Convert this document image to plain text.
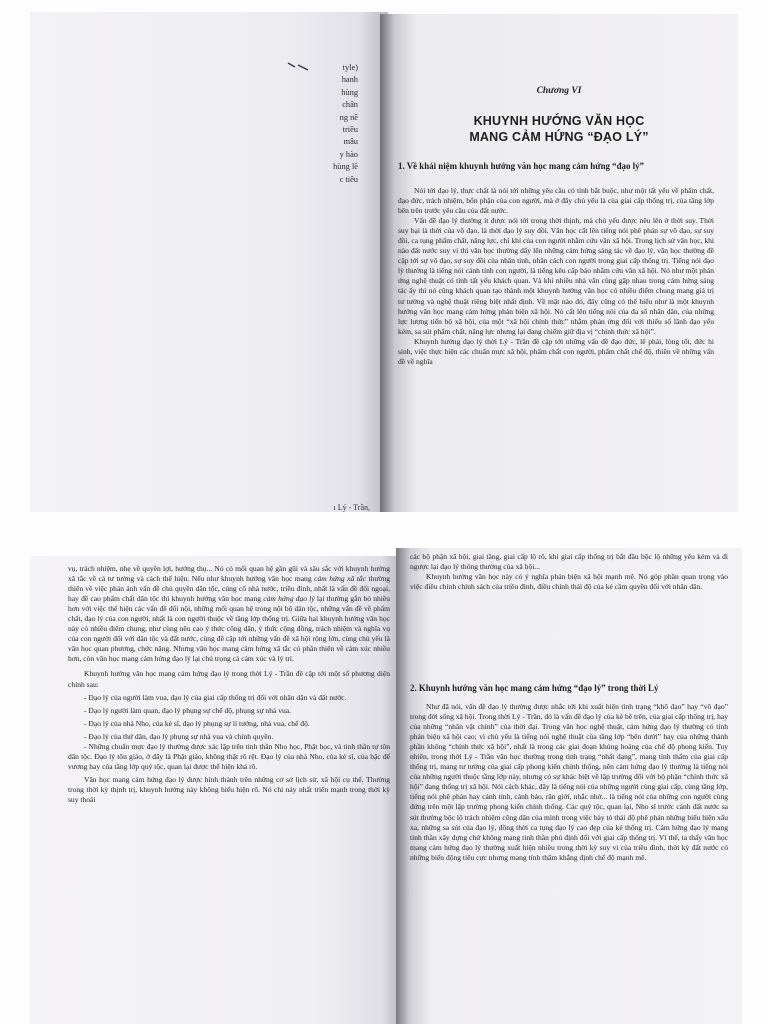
tyle)
hanh
hùng
chân
ng nề
triều
mâu
y hào
hùng lẽ
c tiêu
ı Lý - Trần,
Chương VI
KHUYNH HƯỚNG VĂN HỌC
MANG CẢM HỨNG “ĐẠO LÝ”
1. Về khái niệm khuynh hướng văn học mang cảm hứng “đạo lý”

Nói tới đạo lý, thực chất là nói tới những yêu cầu có tính bắt buộc, như một tất yếu về phẩm chất, đạo đức, trách nhiệm, bổn phận của con người, mà ở đây chủ yếu là của giai cấp thống trị, của tầng lớp bên trên trước yêu cầu của đất nước.

Vấn đề đạo lý thường ít được nói tới trong thời thịnh, mà chủ yếu được nêu lên ở thời suy. Thời suy bại là thời của vô đạo, là thời đạo lý suy đồi. Văn học cất lên tiếng nói phê phán sự vô đạo, sự suy đồi, ca tụng phẩm chất, năng lực, chí khí của con người nhằm cứu vãn xã hội. Trong lịch sử văn học, khi nào đất nước suy vi thì văn học thường dấy lên những cảm hứng sáng tác về đạo lý, văn học thường đề cập tới sự vô đạo, sự suy đồi của nhân tính, nhân cách con người trong giai cấp thống trị. Tiếng nói đạo lý thường là tiếng nói cảnh tỉnh con người, là tiếng kêu cấp báo nhằm cứu vãn xã hội. Nó như một phản ứng nghệ thuật có tính tất yếu khách quan. Và khi nhiều nhà văn cùng gặp nhau trong cảm hứng sáng tác ấy thì nó cũng khách quan tạo thành một khuynh hướng văn học có nhiều điểm chung mang giá trị tư tưởng và nghệ thuật riêng biệt nhất định. Về mặt nào đó, đây cũng có thể hiểu như là một khuynh hướng văn học mang cảm hứng phản biện xã hội. Nó cất lên tiếng nói của đa số nhân dân, của những lực lượng tiến bộ xã hội, của một “xã hội chính thức” nhằm phản ứng đối với thiểu số lãnh đạo yếu kém, sa sút phẩm chất, năng lực nhưng lại đang chiếm giữ địa vị “chính thức xã hội”.

Khuynh hướng đạo lý thời Lý - Trần đề cập tới những vấn đề đạo đức, lẽ phải, lòng tốt, đức hi sinh, việc thực hiện các chuẩn mực xã hội, phẩm chất con người, phẩm chất chế độ, thiên về những vấn đề về nghĩa

vụ, trách nhiệm, nhẹ về quyền lợi, hưởng thụ... Nó có mối quan hệ gần gũi và sâu sắc với khuynh hướng xã tắc về cả tư tưởng và cách thể hiện. Nếu như khuynh hướng văn học mang cảm hứng xã tắc thường thiên về việc phản ánh vấn đề chủ quyền dân tộc, củng cố nhà nước, triều đình, nhất là vấn đề đối ngoại, hay đề cao phẩm chất dân tộc thì khuynh hướng văn học mang cảm hứng đạo lý lại thường gắn bó nhiều hơn với việc thể hiện các vấn đề đối nội, những mối quan hệ trong nội bộ dân tộc, những vấn đề về phẩm chất, đạo lý của con người, nhất là con người thuộc về tầng lớp thống trị. Giữa hai khuynh hướng văn học này có nhiều điểm chung, như cùng nêu cao ý thức công dân, ý thức cộng đồng, trách nhiệm và nghĩa vụ của con người đối với dân tộc và đất nước, cùng đề cập tới những vấn đề xã hội rộng lớn, cùng chủ yếu là văn học quan phương, chức năng. Nhưng văn học mang cảm hứng xã tắc có phần thiên về cảm xúc nhiều hơn, còn văn học mang cảm hứng đạo lý lại chú trọng cả cảm xúc và lý trí.

Khuynh hướng văn học mang cảm hứng đạo lý trong thời Lý - Trần đề cập tới một số phương diện chính sau:

- Đạo lý của người làm vua, đạo lý của giai cấp thống trị đối với nhân dân và đất nước.

- Đạo lý người làm quan, đạo lý phụng sự chế độ, phụng sự nhà vua.

- Đạo lý của nhà Nho, của kẻ sĩ, đạo lý phụng sự lí tưởng, nhà vua, chế độ.

- Đạo lý của thứ dân, đạo lý phụng sự nhà vua và chính quyền.

- Những chuẩn mực đạo lý thường được xác lập trên tinh thần Nho học, Phật học, và tinh thần tự tôn dân tộc. Đạo lý tôn giáo, ở đây là Phật giáo, không thật rõ rệt. Đạo lý của nhà Nho, của kẻ sĩ, của bậc đế vương hay của tầng lớp quý tộc, quan lại được thể hiện khá rõ.

Văn học mang cảm hứng đạo lý được hình thành trên những cơ sở lịch sử, xã hội cụ thể. Thường trong thời kỳ thịnh trị, khuynh hướng này không hiểu hiện rõ. Nó chỉ nảy nhất triển mạnh trong thời kỳ suy thoái

các bộ phận xã hội, giai tầng, giai cấp lộ rõ, khi giai cấp thống trị bắt đầu bộc lộ những yếu kém và đi ngược lại đạo lý thông thường của xã hội...

Khuynh hướng văn học này có ý nghĩa phản biện xã hội mạnh mẽ. Nó góp phần quan trọng vào việc điều chỉnh chính sách của triều đình, điều chỉnh thái độ của kẻ cầm quyền đối với nhân dân.

2. Khuynh hướng văn học mang cảm hứng “đạo lý” trong thời Lý

Như đã nói, vấn đề đạo lý thường được nhắc tới khi xuất hiện tình trạng “khô đạo” hay “vô đạo” trong đời sống xã hội. Trong thời Lý - Trần, đó là vấn đề đạo lý của kẻ bề trên, của giai cấp thống trị, hay của những “nhân vật chính” của thời đại. Trong văn học nghệ thuật, cảm hứng đạo lý thường có tính phản biện xã hội cao; vì chủ yếu là tiếng nói nghệ thuật của tầng lớp “bên dưới” hay của những thành phần không “chính thức xã hội”, nhất là trong các giai đoạn khủng hoảng của chế độ phong kiến. Tuy nhiên, trong thời Lý - Trần văn học thường trong tình trạng “nhất dạng”, mang tính thẩm của giai cấp thống trị, mang tư tưởng của giai cấp phong kiến chính thống, nên cảm hứng đạo lý thường là tiếng nói của những người thuộc tầng lớp này, nhưng có sự khác biệt về lập trường đối với bộ phận “chính thức xã hội” đang thống trị xã hội. Nói cách khác, đây là tiếng nói của những người cùng giai cấp, cùng tầng lớp, tiếng nói phê phán hay cảnh tỉnh, cảnh báo, răn giới, nhắc nhở... là tiếng nói của những con người cùng đứng trên một lập trường phong kiến chính thống. Các quý tộc, quan lại, Nho sĩ trước cảnh đất nước sa sút thường bộc lộ trách nhiệm công dân của mình trong việc bày tỏ thái độ phê phán những biểu hiện xấu xa, những sa sút của đạo lý, đồng thời ca tụng đạo lý cao đẹp của kẻ thống trị. Cảm hứng đạo lý mang tinh thần xây dựng chứ không mang tinh thần phủ định đối với giai cấp thống trị. Vì thế, ta thấy văn học mang cảm hứng đạo lý thường xuất hiện nhiều trong thời kỳ suy vi của triều đình, thời kỳ đất nước có những biến động tiêu cực nhưng mang tính thẩm khẳng định chế độ mạnh mẽ.
